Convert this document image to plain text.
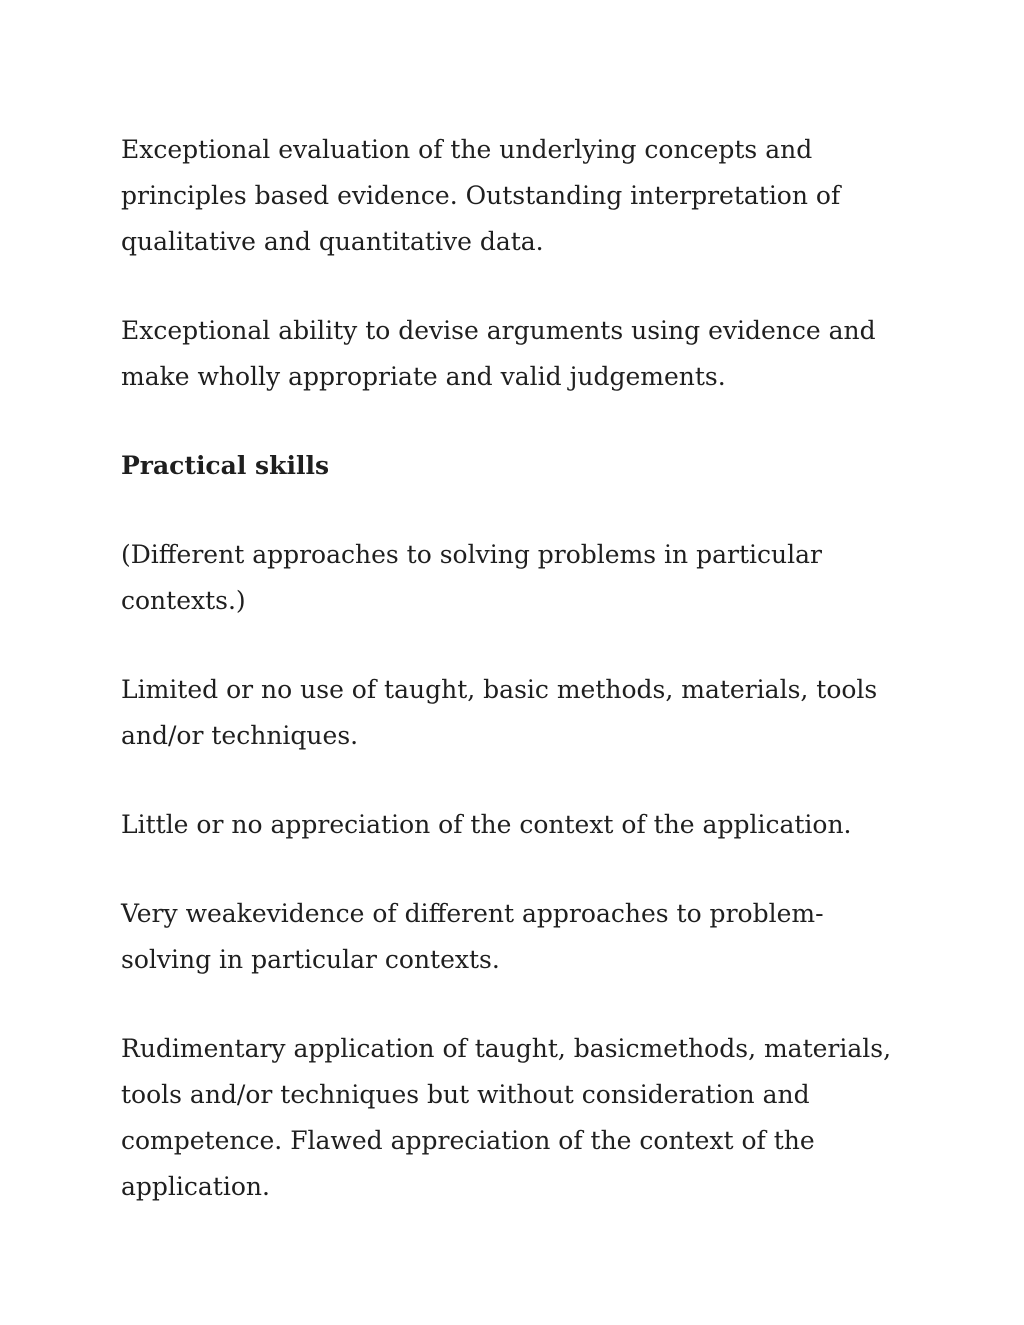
Exceptional evaluation of the underlying concepts and principles based evidence. Outstanding interpretation of qualitative and quantitative data.

Exceptional ability to devise arguments using evidence and make wholly appropriate and valid judgements.

Practical skills

(Different approaches to solving problems in particular contexts.)

Limited or no use of taught, basic methods, materials, tools and/or techniques.

Little or no appreciation of the context of the application.

Very weakevidence of different approaches to problem-solving in particular contexts.

Rudimentary application of taught, basicmethods, materials, tools and/or techniques but without consideration and competence. Flawed appreciation of the context of the application.
